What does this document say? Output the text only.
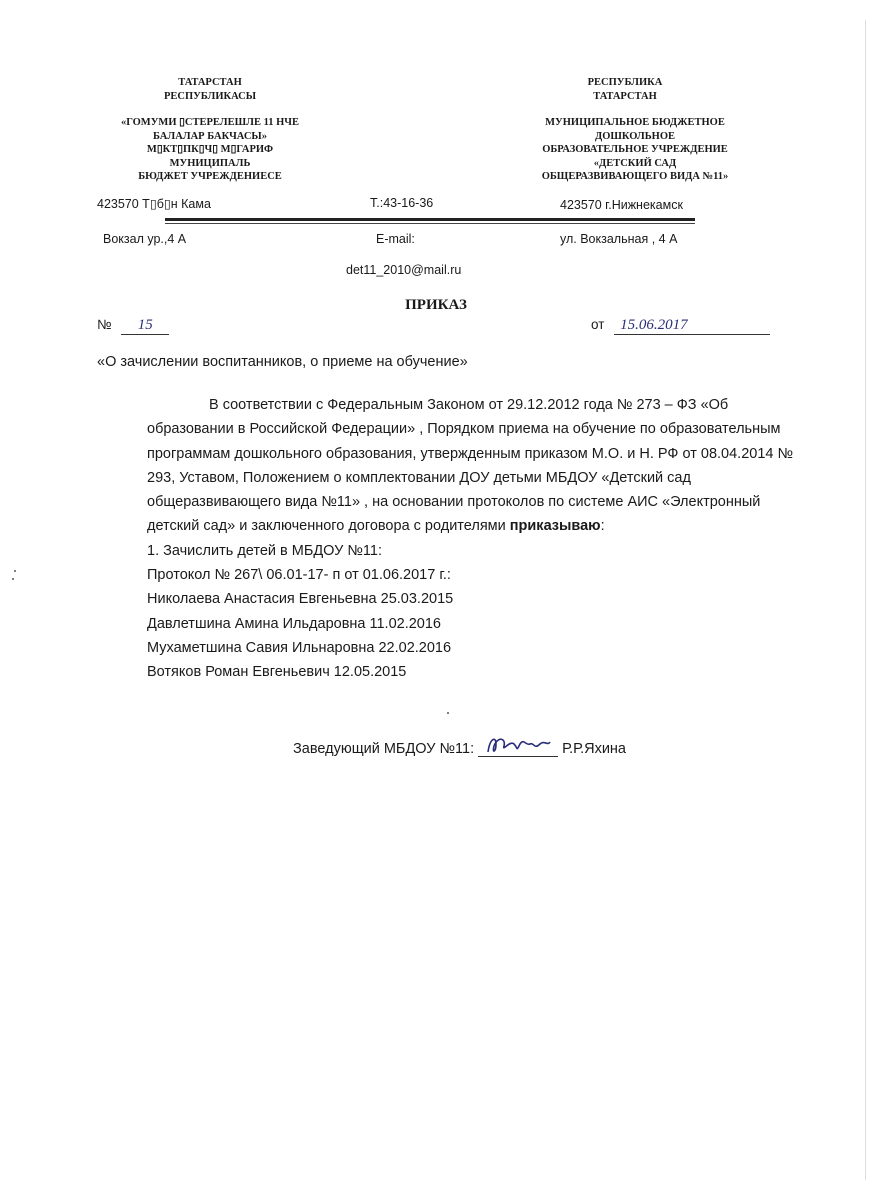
ТАТАРСТАН
РЕСПУБЛИКАСЫ
«ГОМУМИ ▯СТЕРЕЛЕШЛЕ 11 НЧЕ
БАЛАЛАР БАКЧАСЫ»
М▯КТ▯ПК▯Ч▯ М▯ГАРИФ
МУНИЦИПАЛЬ
БЮДЖЕТ УЧРЕЖДЕНИЕСЕ
РЕСПУБЛИКА
ТАТАРСТАН
МУНИЦИПАЛЬНОЕ БЮДЖЕТНОЕ
ДОШКОЛЬНОЕ
ОБРАЗОВАТЕЛЬНОЕ УЧРЕЖДЕНИЕ
«ДЕТСКИЙ САД
ОБЩЕРАЗВИВАЮЩЕГО ВИДА №11»
423570 Т▯б▯н Кама	Т.:43-16-36	423570 г.Нижнекамск
Вокзал ур.,4 А	E-mail:	ул. Вокзальная , 4 А
det11_2010@mail.ru
ПРИКАЗ
№ 15	от 15.06.2017
«О зачислении воспитанников, о приеме на обучение»

В соответствии с Федеральным Законом от 29.12.2012 года № 273 – ФЗ «Об образовании в Российской Федерации» , Порядком приема на обучение по образовательным программам дошкольного образования, утвержденным приказом М.О. и Н. РФ от 08.04.2014 № 293, Уставом, Положением о комплектовании ДОУ детьми МБДОУ «Детский сад общеразвивающего вида №11» , на основании протоколов по системе АИС «Электронный детский сад» и заключенного договора с родителями приказываю:

1. Зачислить детей в МБДОУ №11:

Протокол № 267\ 06.01-17- п от 01.06.2017 г.:

Николаева Анастасия Евгеньевна 25.03.2015

Давлетшина Амина Ильдаровна 11.02.2016

Мухаметшина Савия Ильнаровна 22.02.2016

Вотяков Роман Евгеньевич 12.05.2015

Заведующий МБДОУ №11:	Р.Р.Яхина
